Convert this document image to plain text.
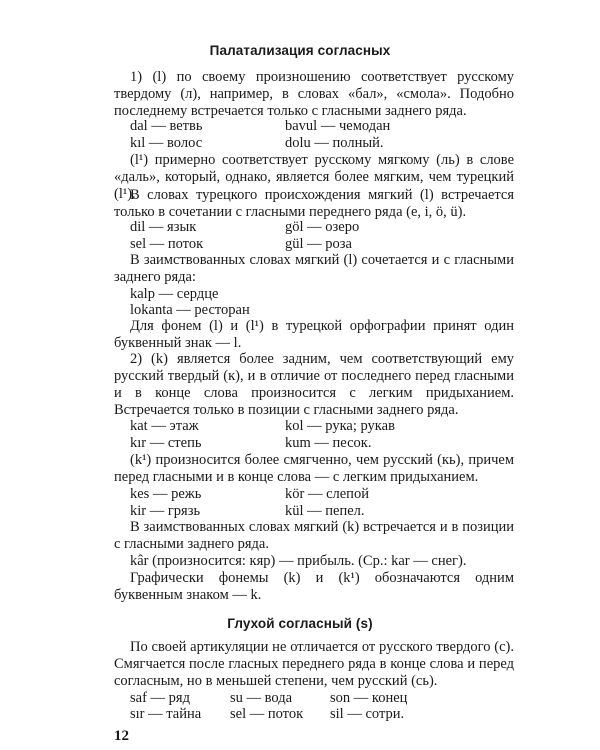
Палатализация согласных
1) (l) по своему произношению соответствует русскому твердому (л), например, в словах «бал», «смола». Подобно последнему встречается только с гласными заднего ряда.
dal — ветвь	bavul — чемодан
kıl — волос	dolu — полный.
(l¹) примерно соответствует русскому мягкому (ль) в слове «даль», который, однако, является более мягким, чем турецкий (l¹).
В словах турецкого происхождения мягкий (l) встречается только в сочетании с гласными переднего ряда (e, i, ö, ü).
dil — язык	göl — озеро
sel — поток	gül — роза
В заимствованных словах мягкий (l) сочетается и с гласными заднего ряда:
kalp — сердце
lokanta — ресторан
Для фонем (l) и (l¹) в турецкой орфографии принят один буквенный знак — l.
2) (k) является более задним, чем соответствующий ему русский твердый (к), и в отличие от последнего перед гласными и в конце слова произносится с легким придыханием. Встречается только в позиции с гласными заднего ряда.
kat — этаж	kol — рука; рукав
kır — степь	kum — песок.
(k¹) произносится более смягченно, чем русский (кь), причем перед гласными и в конце слова — с легким придыханием.
kes — режь	kör — слепой
kir — грязь	kül — пепел.
В заимствованных словах мягкий (k) встречается и в позиции с гласными заднего ряда.
kâr (произносится: кяр) — прибыль. (Ср.: kar — снег).
Графически фонемы (k) и (k¹) обозначаются одним буквенным знаком — k.
Глухой согласный (s)
По своей артикуляции не отличается от русского твердого (с). Смягчается после гласных переднего ряда в конце слова и перед согласным, но в меньшей степени, чем русский (сь).
saf — ряд	su — вода	son — конец
sır — тайна sel — поток sil — сотри.
12
